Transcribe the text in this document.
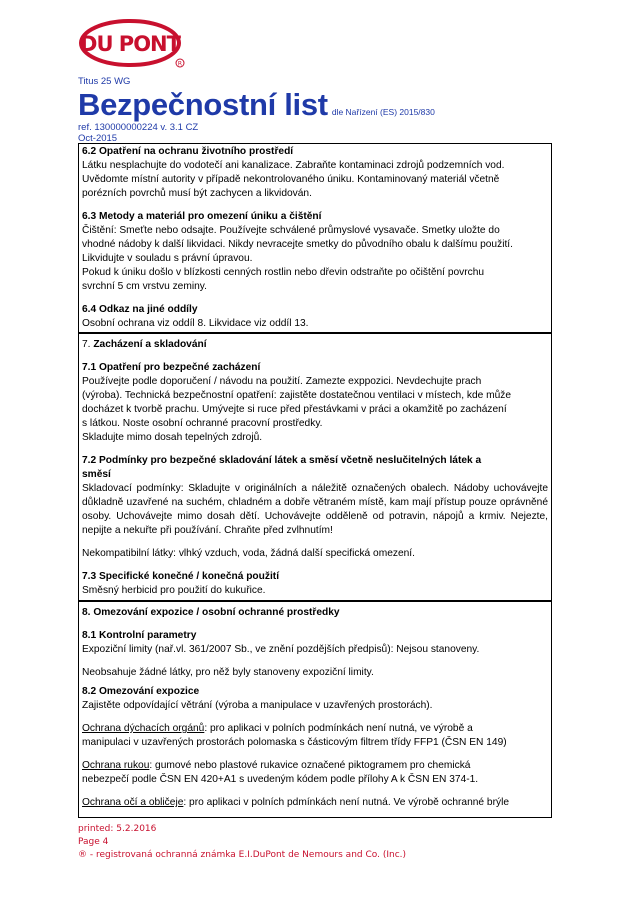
DU PONT
R
Titus 25 WG
Bezpečnostní list dle Nařízení (ES) 2015/830
ref. 130000000224 v. 3.1 CZ
Oct-2015

6.2 Opatření na ochranu životního prostředí

Látku nesplachujte do vodotečí ani kanalizace. Zabraňte kontaminaci zdrojů podzemních vod.

Uvědomte místní autority v případě nekontrolovaného úniku. Kontaminovaný materiál včetně

porézních povrchů musí být zachycen a likvidován.

6.3 Metody a materiál pro omezení úniku a čištění

Čištění: Smeťte nebo odsajte. Používejte schválené průmyslové vysavače. Smetky uložte do

vhodné nádoby k další likvidaci. Nikdy nevracejte smetky do původního obalu k dalšímu použití.

Likvidujte v souladu s právní úpravou.

Pokud k úniku došlo v blízkosti cenných rostlin nebo dřevin odstraňte po očištění povrchu

svrchní 5 cm vrstvu zeminy.

6.4 Odkaz na jiné oddíly

Osobní ochrana viz oddíl 8. Likvidace viz oddíl 13.

7. Zacházení a skladování

7.1 Opatření pro bezpečné zacházení

Používejte podle doporučení / návodu na použití. Zamezte exppozici. Nevdechujte prach

(výroba). Technická bezpečnostní opatření: zajistěte dostatečnou ventilaci v místech, kde může

docházet k tvorbě prachu. Umývejte si ruce před přestávkami v práci a okamžitě po zacházení

s látkou. Noste osobní ochranné pracovní prostředky.

Skladujte mimo dosah tepelných zdrojů.

7.2 Podmínky pro bezpečné skladování látek a směsí včetně neslučitelných látek a

směsí

Skladovací podmínky: Skladujte v originálních a náležitě označených obalech. Nádoby uchovávejte důkladně uzavřené na suchém, chladném a dobře větraném místě, kam mají přístup pouze oprávněné osoby. Uchovávejte mimo dosah dětí. Uchovávejte odděleně od potravin, nápojů a krmiv. Nejezte, nepijte a nekuřte při používání. Chraňte před zvlhnutím!

Nekompatibilní látky: vlhký vzduch, voda, žádná další specifická omezení.

7.3 Specifické konečné / konečná použití

Směsný herbicid pro použití do kukuřice.

8. Omezování expozice / osobní ochranné prostředky

8.1 Kontrolní parametry

Expoziční limity (nař.vl. 361/2007 Sb., ve znění pozdějších předpisů): Nejsou stanoveny.

Neobsahuje žádné látky, pro něž byly stanoveny expoziční limity.

8.2 Omezování expozice

Zajistěte odpovídající větrání (výroba a manipulace v uzavřených prostorách).

Ochrana dýchacích orgánů: pro aplikaci v polních podmínkách není nutná, ve výrobě a

manipulaci v uzavřených prostorách polomaska s částicovým filtrem třídy FFP1 (ČSN EN 149)

Ochrana rukou: gumové nebo plastové rukavice označené piktogramem pro chemická

nebezpečí podle ČSN EN 420+A1 s uvedeným kódem podle přílohy A k ČSN EN 374-1.

Ochrana očí a obličeje: pro aplikaci v polních pdmínkách není nutná. Ve výrobě ochranné brýle

printed: 5.2.2016
Page 4
® - registrovaná ochranná známka E.I.DuPont de Nemours and Co. (Inc.)
